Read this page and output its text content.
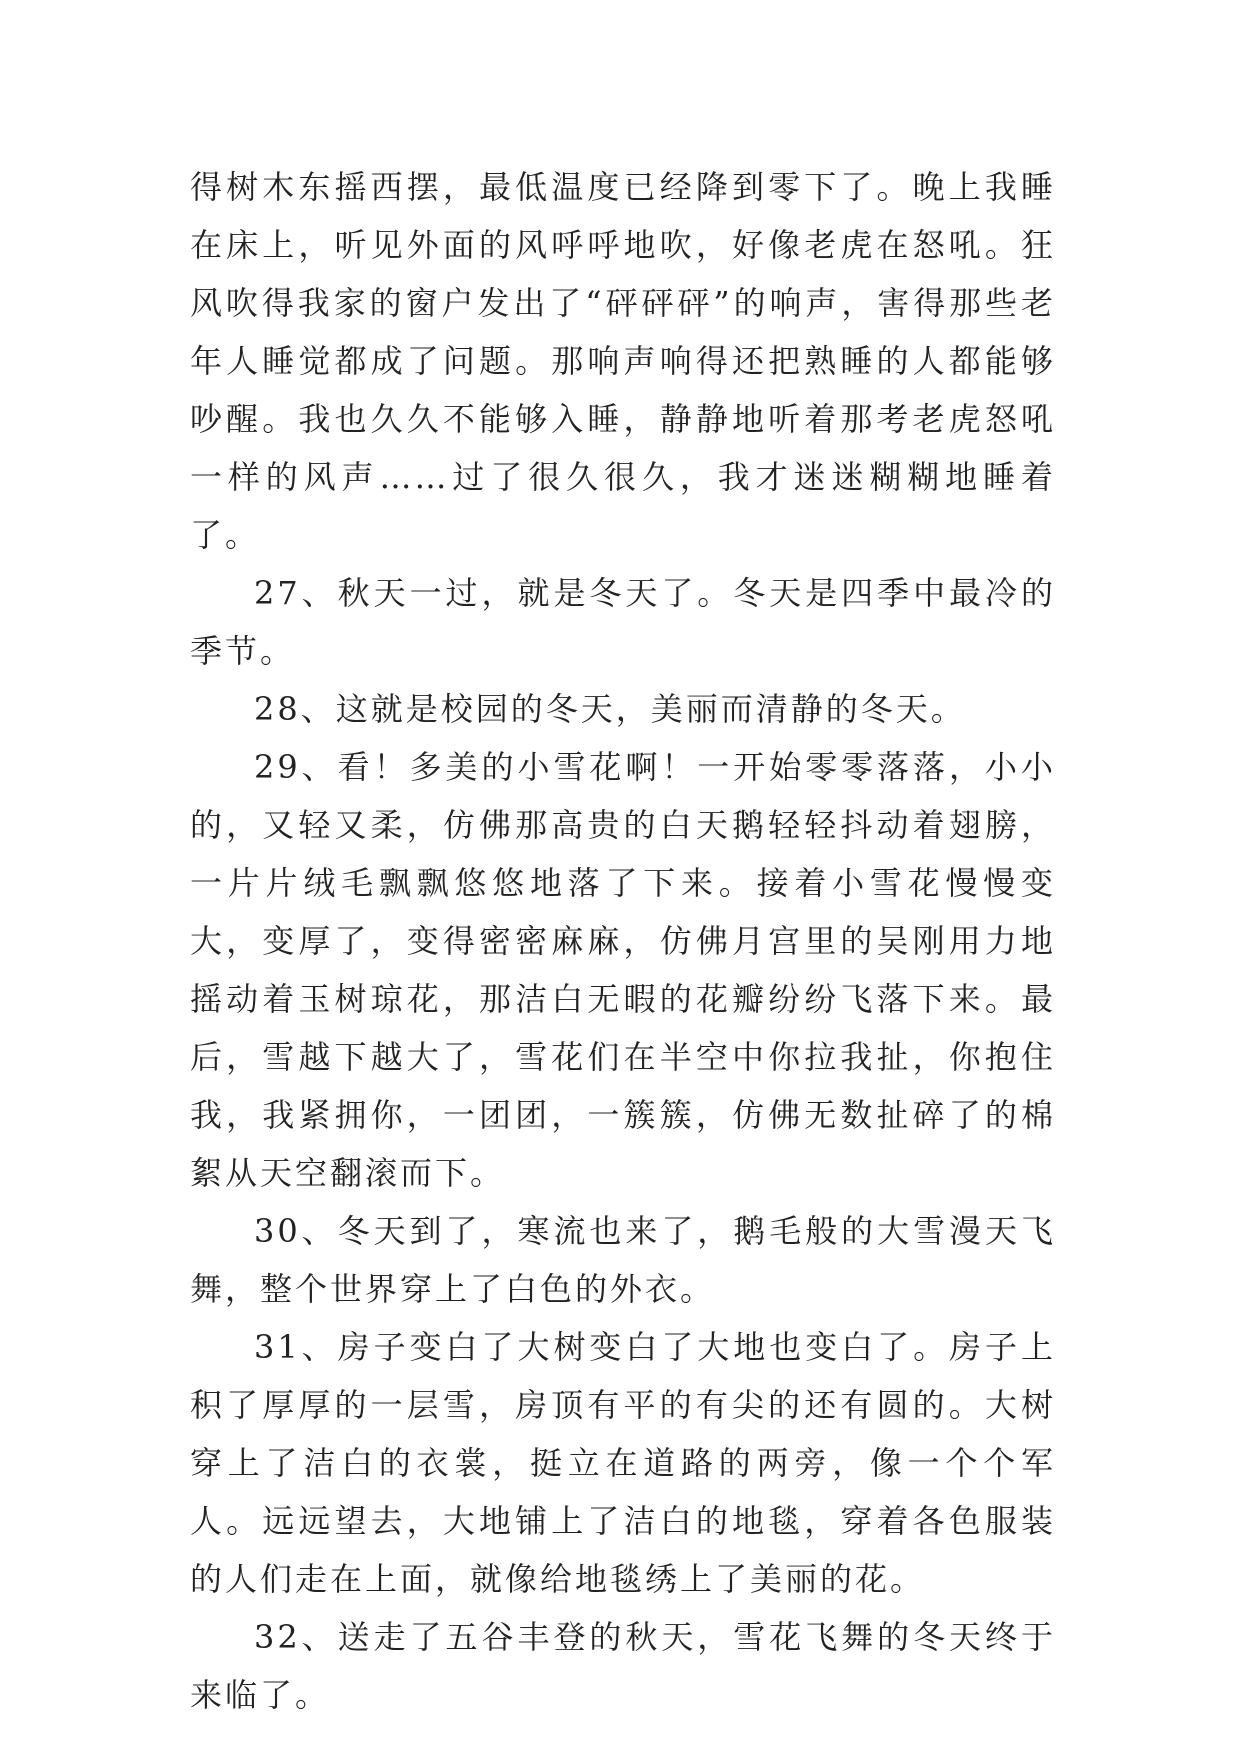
得树木东摇西摆，最低温度已经降到零下了。晚上我睡在床上，听见外面的风呼呼地吹，好像老虎在怒吼。狂风吹得我家的窗户发出了“砰砰砰”的响声，害得那些老年人睡觉都成了问题。那响声响得还把熟睡的人都能够吵醒。我也久久不能够入睡，静静地听着那考老虎怒吼一样的风声……过了很久很久，我才迷迷糊糊地睡着了。

27、秋天一过，就是冬天了。冬天是四季中最冷的季节。

28、这就是校园的冬天，美丽而清静的冬天。

29、看！多美的小雪花啊！一开始零零落落，小小的，又轻又柔，仿佛那高贵的白天鹅轻轻抖动着翅膀，一片片绒毛飘飘悠悠地落了下来。接着小雪花慢慢变大，变厚了，变得密密麻麻，仿佛月宫里的吴刚用力地摇动着玉树琼花，那洁白无暇的花瓣纷纷飞落下来。最后，雪越下越大了，雪花们在半空中你拉我扯，你抱住我，我紧拥你，一团团，一簇簇，仿佛无数扯碎了的棉絮从天空翻滚而下。

30、冬天到了，寒流也来了，鹅毛般的大雪漫天飞舞，整个世界穿上了白色的外衣。

31、房子变白了大树变白了大地也变白了。房子上积了厚厚的一层雪，房顶有平的有尖的还有圆的。大树穿上了洁白的衣裳，挺立在道路的两旁，像一个个军人。远远望去，大地铺上了洁白的地毯，穿着各色服装的人们走在上面，就像给地毯绣上了美丽的花。

32、送走了五谷丰登的秋天，雪花飞舞的冬天终于来临了。
